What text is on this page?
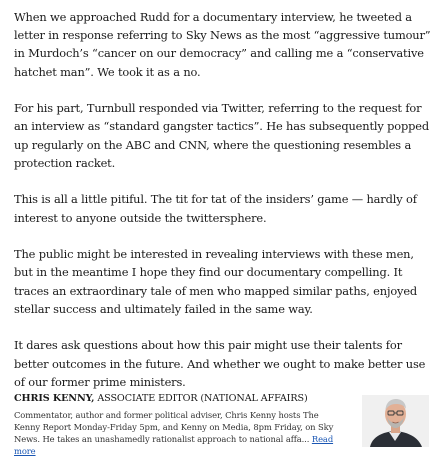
When we approached Rudd for a documentary interview, he tweeted a letter in response referring to Sky News as the most “aggressive tumour” in Murdoch’s “cancer on our democracy” and calling me a “conservative hatchet man”. We took it as a no.

For his part, Turnbull responded via Twitter, referring to the request for an interview as “standard gangster tactics”. He has subsequently popped up regularly on the ABC and CNN, where the questioning resembles a protection racket.

This is all a little pitiful. The tit for tat of the insiders’ game — hardly of interest to anyone outside the twittersphere.

The public might be interested in revealing interviews with these men, but in the meantime I hope they find our documentary compelling. It traces an extraordinary tale of men who mapped similar paths, enjoyed stellar success and ultimately failed in the same way.

It dares ask questions about how this pair might use their talents for better outcomes in the future. And whether we ought to make better use of our former prime ministers.

CHRIS KENNY, ASSOCIATE EDITOR (NATIONAL AFFAIRS)
Commentator, author and former political adviser, Chris Kenny hosts The Kenny Report Monday-Friday 5pm, and Kenny on Media, 8pm Friday, on Sky News. He takes an unashamedly rationalist approach to national affa... Read more
